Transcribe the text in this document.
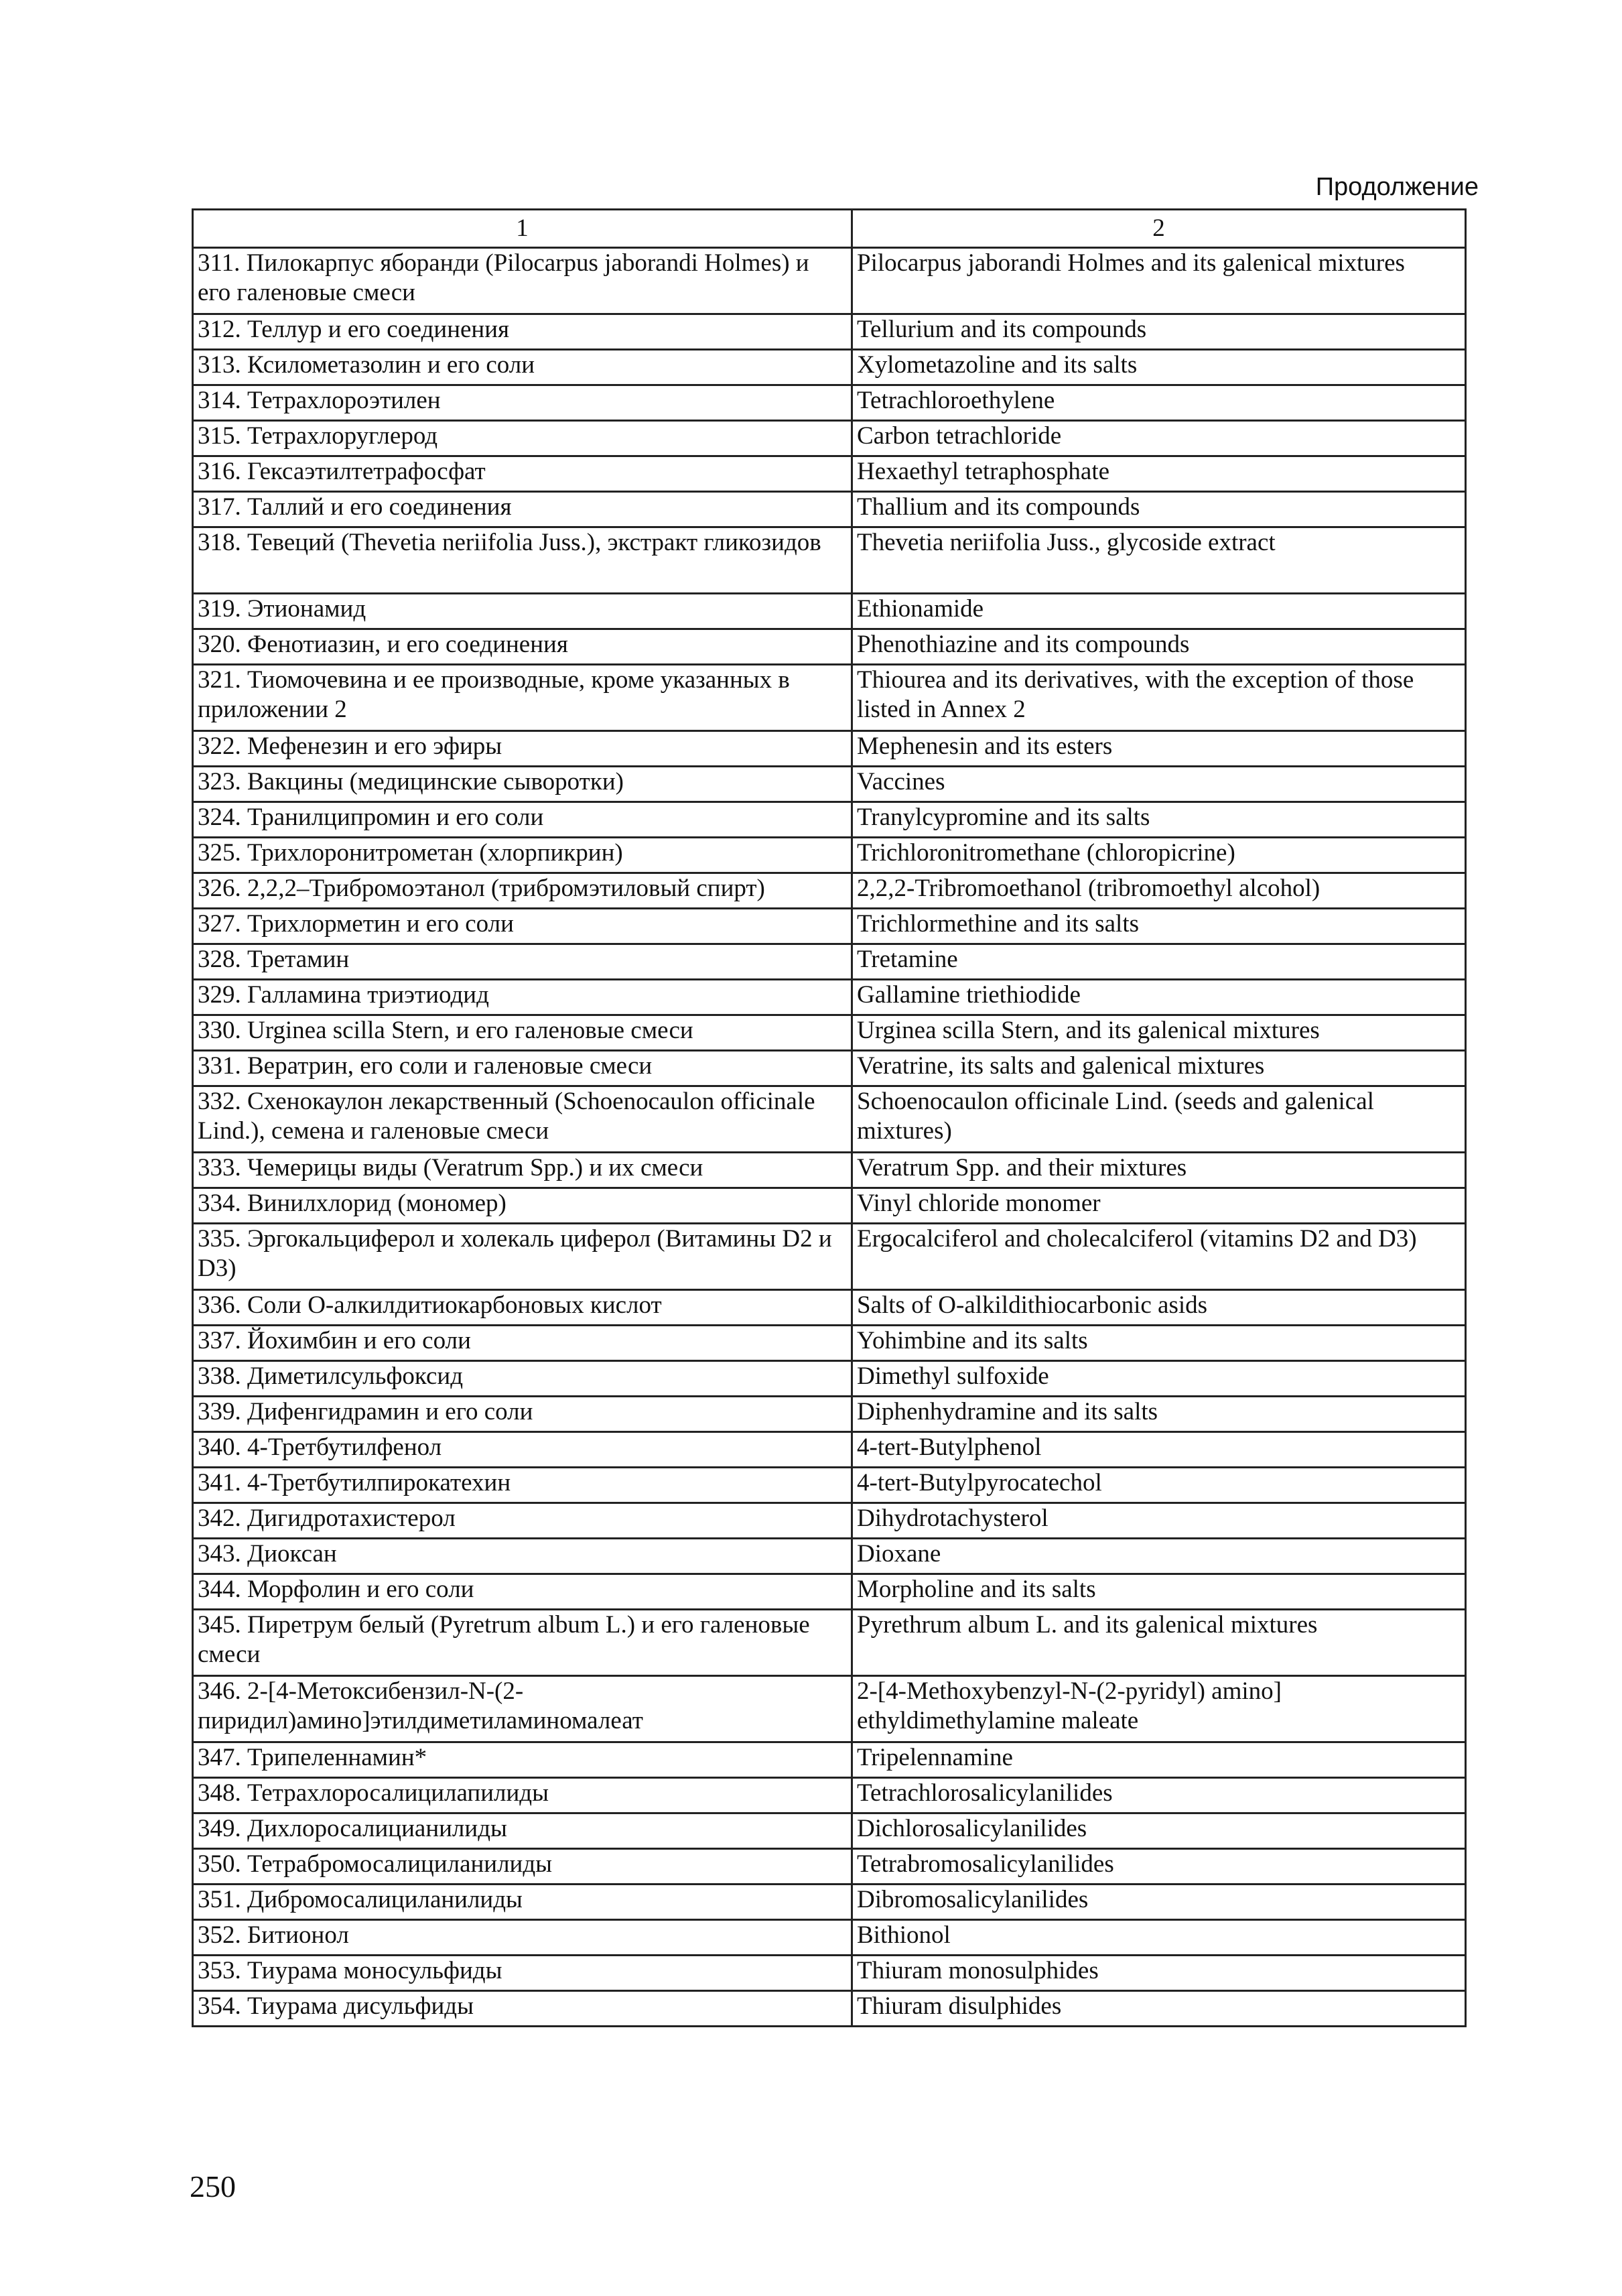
Продолжение
1	2
311. Пилокарпус яборанди (Pilocarpus jaborandi Holmes) и его галеновые смеси	Pilocarpus jaborandi Holmes and its galenical mixtures
312. Теллур и его соединения	Tellurium and its compounds
313. Ксилометазолин и его соли	Xylometazoline and its salts
314. Тетрахлороэтилен	Tetrachloroethylene
315. Тетрахлоруглерод	Carbon tetrachloride
316. Гексаэтилтетрафосфат	Hexaethyl tetraphosphate
317. Таллий и его соединения	Thallium and its compounds
318. Тевеций (Thevetia neriifolia Juss.), экстракт гликозидов	Thevetia neriifolia Juss., glycoside extract
319. Этионамид	Ethionamide
320. Фенотиазин, и его соединения	Phenothiazine and its compounds
321. Тиомочевина и ее производные, кроме указанных в приложении 2	Thiourea and its derivatives, with the exception of those listed in Annex 2
322. Мефенезин и его эфиры	Mephenesin and its esters
323. Вакцины (медицинские сыворотки)	Vaccines
324. Транилципромин и его соли	Tranylcypromine and its salts
325. Трихлоронитрометан (хлорпикрин)	Trichloronitromethane (chloropicrine)
326. 2,2,2–Трибромоэтанол (трибромэтиловый спирт)	2,2,2-Tribromoethanol (tribromoethyl alcohol)
327. Трихлорметин и его соли	Trichlormethine and its salts
328. Третамин	Tretamine
329. Галламина триэтиодид	Gallamine triethiodide
330. Urginea scilla Stern, и его галеновые смеси	Urginea scilla Stern, and its galenical mixtures
331. Вератрин, его соли и галеновые смеси	Veratrine, its salts and galenical mixtures
332. Схенокаулон лекарственный (Schoenocaulon officinale Lind.), семена и галеновые смеси	Schoenocaulon officinale Lind. (seeds and galenical mixtures)
333. Чемерицы виды (Veratrum Spp.) и их смеси	Veratrum Spp. and their mixtures
334. Винилхлорид (мономер)	Vinyl chloride monomer
335. Эргокальциферол и холекаль циферол (Витамины D2 и D3)	Ergocalciferol and cholecalciferol (vitamins D2 and D3)
336. Соли О-алкилдитиокарбоновых кислот	Salts of O-alkildithiocarbonic asids
337. Йохимбин и его соли	Yohimbine and its salts
338. Диметилсульфоксид	Dimethyl sulfoxide
339. Дифенгидрамин и его соли	Diphenhydramine and its salts
340. 4-Третбутилфенол	4-tert-Butylphenol
341. 4-Третбутилпирокатехин	4-tert-Butylpyrocatechol
342. Дигидротахистерол	Dihydrotachysterol
343. Диоксан	Dioxane
344. Морфолин и его соли	Morpholine and its salts
345. Пиретрум белый (Pyretrum album L.) и его галеновые смеси	Pyrethrum album L. and its galenical mixtures
346. 2-[4-Метоксибензил-N-(2-пиридил)амино]этилдиметиламиномалеат	2-[4-Methoxybenzyl-N-(2-pyridyl) amino] ethyldimethylamine maleate
347. Трипеленнамин*	Tripelennamine
348. Тетрахлоросалицилапилиды	Tetrachlorosalicylanilides
349. Дихлоросалицианилиды	Dichlorosalicylanilides
350. Тетрабромосалициланилиды	Tetrabromosalicylanilides
351. Дибромосалициланилиды	Dibromosalicylanilides
352. Битионол	Bithionol
353. Тиурама моносульфиды	Thiuram monosulphides
354. Тиурама дисульфиды	Thiuram disulphides
250
